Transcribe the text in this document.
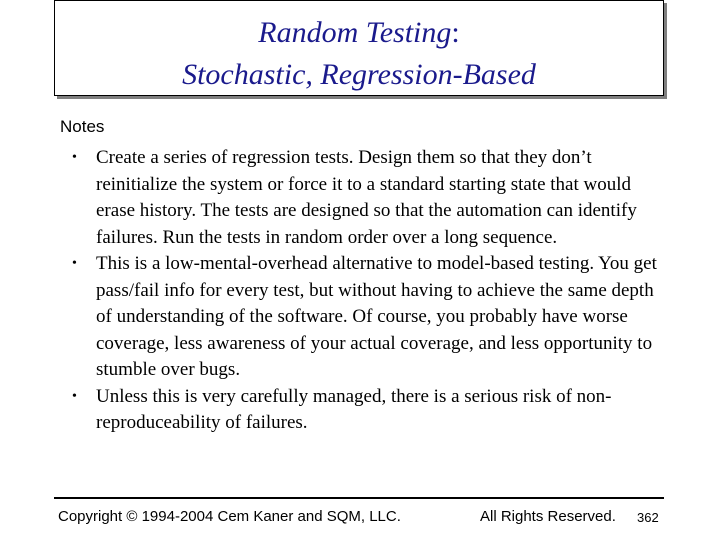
Random Testing:
Stochastic, Regression-Based
Notes
• Create a series of regression tests. Design them so that they don’t reinitialize the system or force it to a standard starting state that would erase history. The tests are designed so that the automation can identify failures. Run the tests in random order over a long sequence.
• This is a low-mental-overhead alternative to model-based testing. You get pass/fail info for every test, but without having to achieve the same depth of understanding of the software. Of course, you probably have worse coverage, less awareness of your actual coverage, and less opportunity to stumble over bugs.
• Unless this is very carefully managed, there is a serious risk of non-reproduceability of failures.
Copyright © 1994-2004 Cem Kaner and SQM, LLC.	All Rights Reserved. 362
